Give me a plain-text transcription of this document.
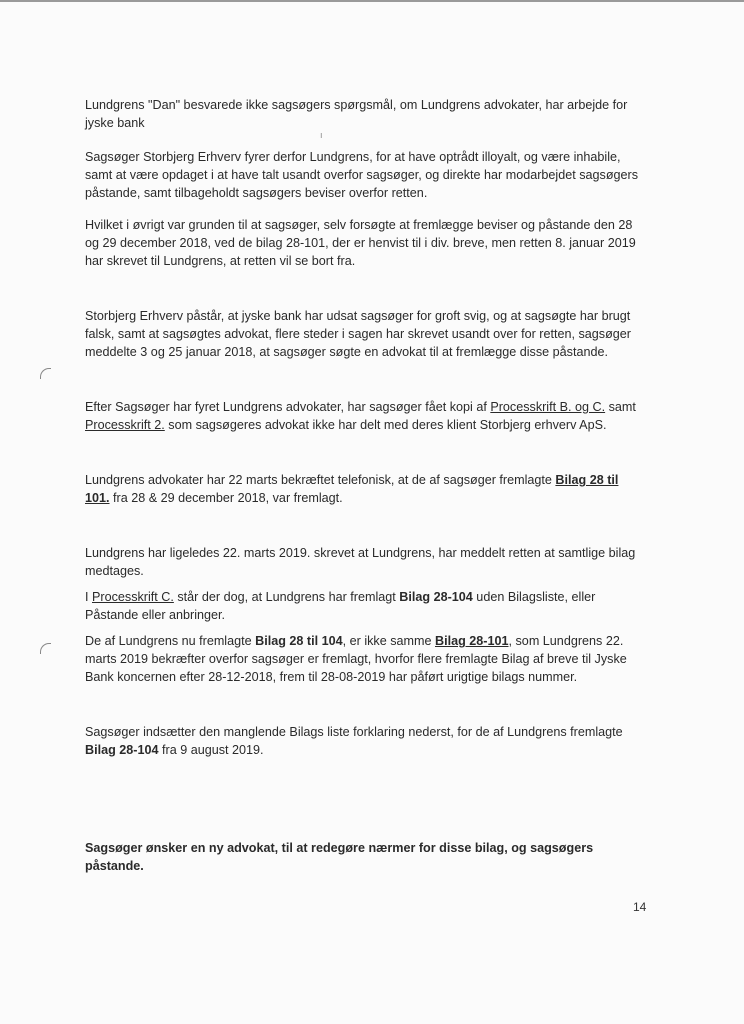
ı

Lundgrens "Dan" besvarede ikke sagsøgers spørgsmål, om Lundgrens advokater, har arbejde for jyske bank

Sagsøger Storbjerg Erhverv fyrer derfor Lundgrens, for at have optrådt illoyalt, og være inhabile, samt at være opdaget i at have talt usandt overfor sagsøger, og direkte har modarbejdet sagsøgers påstande, samt tilbageholdt sagsøgers beviser overfor retten.

Hvilket i øvrigt var grunden til at sagsøger, selv forsøgte at fremlægge beviser og påstande den 28 og 29 december 2018, ved de bilag 28-101, der er henvist til i div. breve, men retten 8. januar 2019 har skrevet til Lundgrens, at retten vil se bort fra.

Storbjerg Erhverv påstår, at jyske bank har udsat sagsøger for groft svig, og at sagsøgte har brugt falsk, samt at sagsøgtes advokat, flere steder i sagen har skrevet usandt over for retten, sagsøger meddelte 3 og 25 januar 2018, at sagsøger søgte en advokat til at fremlægge disse påstande.

Efter Sagsøger har fyret Lundgrens advokater, har sagsøger fået kopi af Processkrift B. og C. samt Processkrift 2. som sagsøgeres advokat ikke har delt med deres klient Storbjerg erhverv ApS.

Lundgrens advokater har 22 marts bekræftet telefonisk, at de af sagsøger fremlagte Bilag 28 til 101. fra 28 & 29 december 2018, var fremlagt.

Lundgrens har ligeledes 22. marts 2019. skrevet at Lundgrens, har meddelt retten at samtlige bilag medtages.

I Processkrift C. står der dog, at Lundgrens har fremlagt Bilag 28-104 uden Bilagsliste, eller Påstande eller anbringer.

De af Lundgrens nu fremlagte Bilag 28 til 104, er ikke samme Bilag 28-101, som Lundgrens 22. marts 2019 bekræfter overfor sagsøger er fremlagt, hvorfor flere fremlagte Bilag af breve til Jyske Bank koncernen efter 28-12-2018, frem til 28-08-2019 har påført urigtige bilags nummer.

Sagsøger indsætter den manglende Bilags liste forklaring nederst, for de af Lundgrens fremlagte Bilag 28-104 fra 9 august 2019.

Sagsøger ønsker en ny advokat, til at redegøre nærmer for disse bilag, og sagsøgers påstande.

14
